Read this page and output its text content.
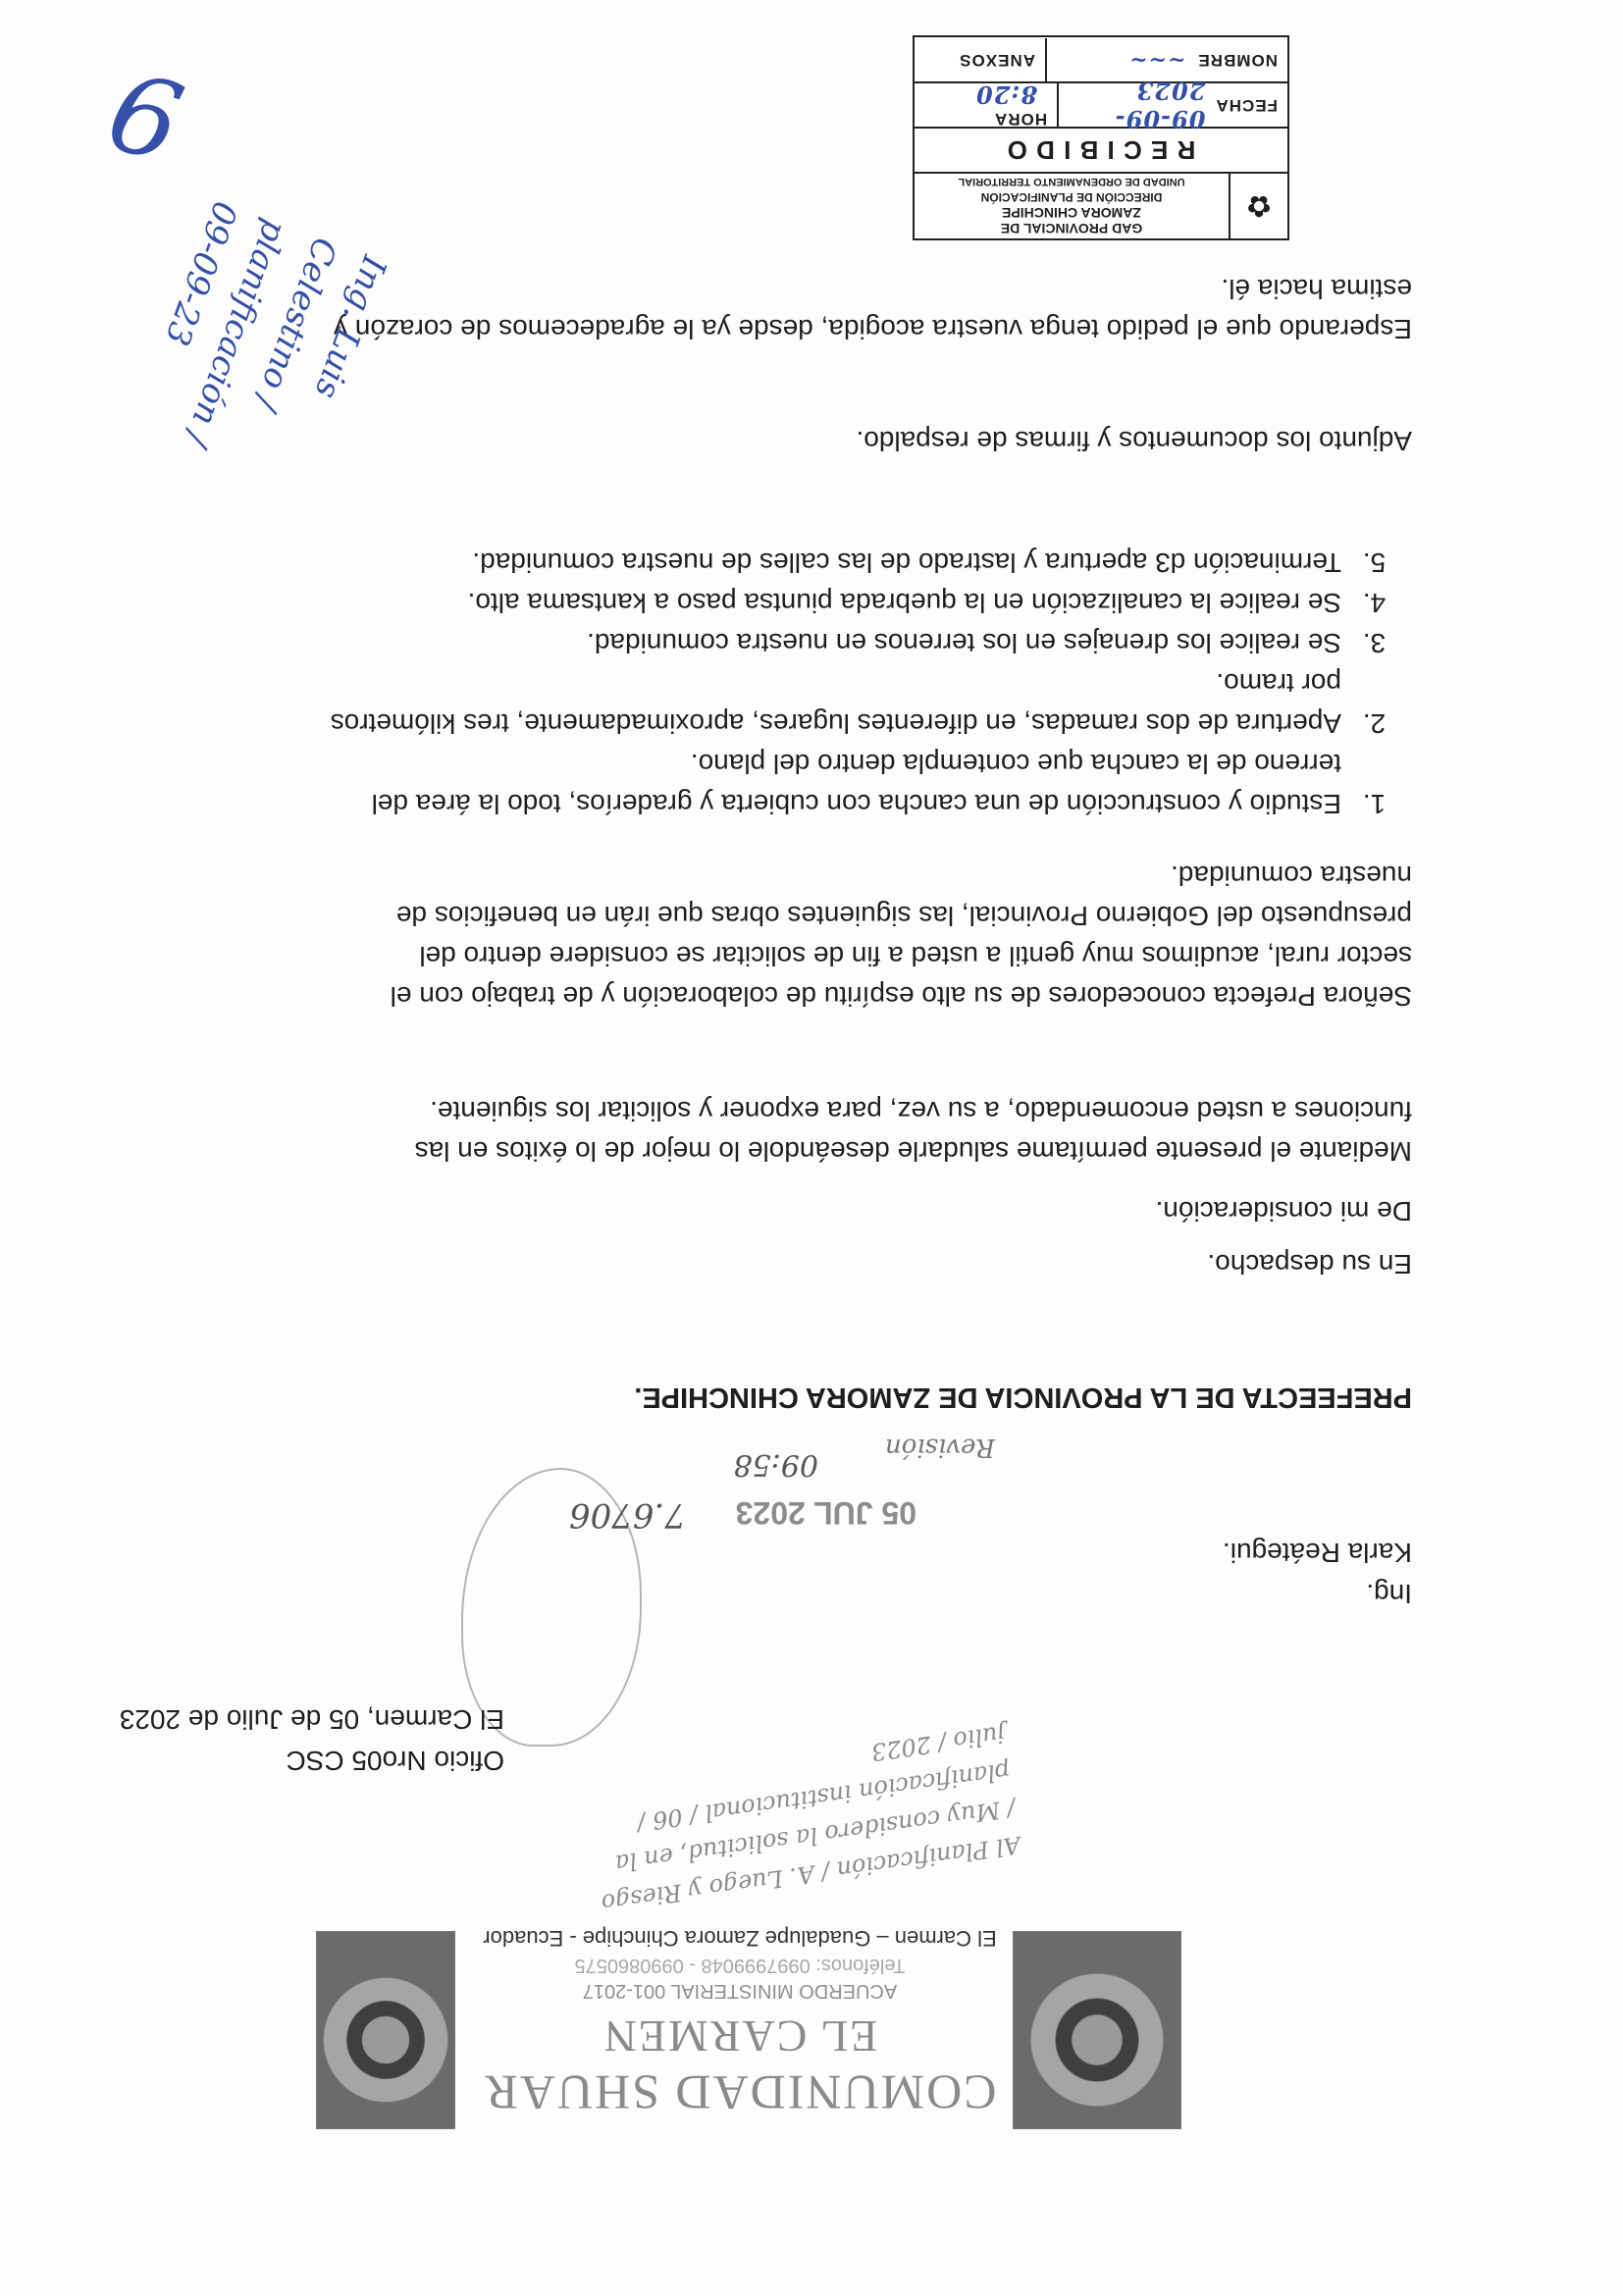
COMUNIDAD SHUAR
EL CARMEN
ACUERDO MINISTERIAL 001-2017
Teléfonos: 0997999048 - 0990860575
El Carmen – Guadalupe Zamora Chinchipe - Ecuador
Al Planificación / A. Luego y Riesgo / Muy considero la solicitud, en la planificación institucional / 06 / julio / 2023
Oficio Nro05 CSC
El Carmen, 05 de Julio de 2023
Ing.
Karla Reátegui.
05 JUL 2023
7.6706
09:58	Revisión
PREFEECTA DE LA PROVINCIA DE ZAMORA CHINCHIPE.
En su despacho.
De mi consideración.
Mediante el presente permítame saludarle deseándole lo mejor de lo éxitos en las funciones a usted encomendado, a su vez, para exponer y solicitar los siguiente.
Señora Prefecta conocedores de su alto espíritu de colaboración y de trabajo con el sector rural, acudimos muy gentil a usted a fin de solicitar se considere dentro del presupuesto del Gobierno Provincial, las siguientes obras que irán en beneficios de nuestra comunidad.
1. Estudio y construcción de una cancha con cubierta y graderíos, todo la área del terreno de la cancha que contempla dentro del plano.
2. Apertura de dos ramadas, en diferentes lugares, aproximadamente, tres kilómetros por tramo.
3. Se realice los drenajes en los terrenos en nuestra comunidad.
4. Se realice la canalización en la quebrada piuntsa paso a kantsama alto.
5. Terminación d3 apertura y lastrado de las calles de nuestra comunidad.
Adjunto los documentos y firmas de respaldo.
Esperando que el pedido tenga vuestra acogida, desde ya le agradecemos de corazón y estima hacia él.
✿
GAD PROVINCIAL DE
ZAMORA CHINCHIPE
DIRECCIÓN DE PLANIFICACIÓN
UNIDAD DE ORDENAMIENTO TERRITORIAL
R E C I B I D O
FECHA
09-09-2023
HORA 8:20
NOMBRE
~~~
ANEXOS
Ing. Luis Celestino / planificación / 09-09-23
9
